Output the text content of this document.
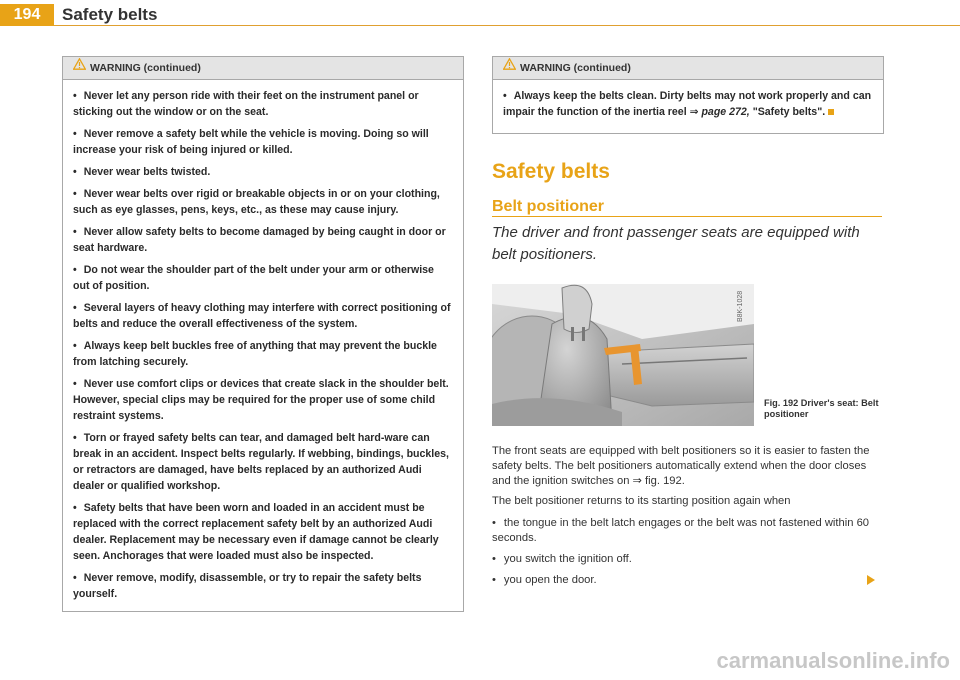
194	Safety belts
WARNING (continued)
• Never let any person ride with their feet on the instrument panel or sticking out the window or on the seat.
• Never remove a safety belt while the vehicle is moving. Doing so will increase your risk of being injured or killed.
• Never wear belts twisted.
• Never wear belts over rigid or breakable objects in or on your clothing, such as eye glasses, pens, keys, etc., as these may cause injury.
• Never allow safety belts to become damaged by being caught in door or seat hardware.
• Do not wear the shoulder part of the belt under your arm or otherwise out of position.
• Several layers of heavy clothing may interfere with correct positioning of belts and reduce the overall effectiveness of the system.
• Always keep belt buckles free of anything that may prevent the buckle from latching securely.
• Never use comfort clips or devices that create slack in the shoulder belt. However, special clips may be required for the proper use of some child restraint systems.
• Torn or frayed safety belts can tear, and damaged belt hard-ware can break in an accident. Inspect belts regularly. If webbing, bindings, buckles, or retractors are damaged, have belts replaced by an authorized Audi dealer or qualified workshop.
• Safety belts that have been worn and loaded in an accident must be replaced with the correct replacement safety belt by an authorized Audi dealer. Replacement may be necessary even if damage cannot be clearly seen. Anchorages that were loaded must also be inspected.
• Never remove, modify, disassemble, or try to repair the safety belts yourself.
WARNING (continued)
• Always keep the belts clean. Dirty belts may not work properly and can impair the function of the inertia reel ⇒ page 272, "Safety belts".
Safety belts
Belt positioner
The driver and front passenger seats are equipped with belt positioners.
B8K-1028
Fig. 192 Driver's seat: Belt positioner
The front seats are equipped with belt positioners so it is easier to fasten the safety belts. The belt positioners automatically extend when the door closes and the ignition switches on ⇒ fig. 192.
The belt positioner returns to its starting position again when
• the tongue in the belt latch engages or the belt was not fastened within 60 seconds.
• you switch the ignition off.
• you open the door.
carmanualsonline.info
